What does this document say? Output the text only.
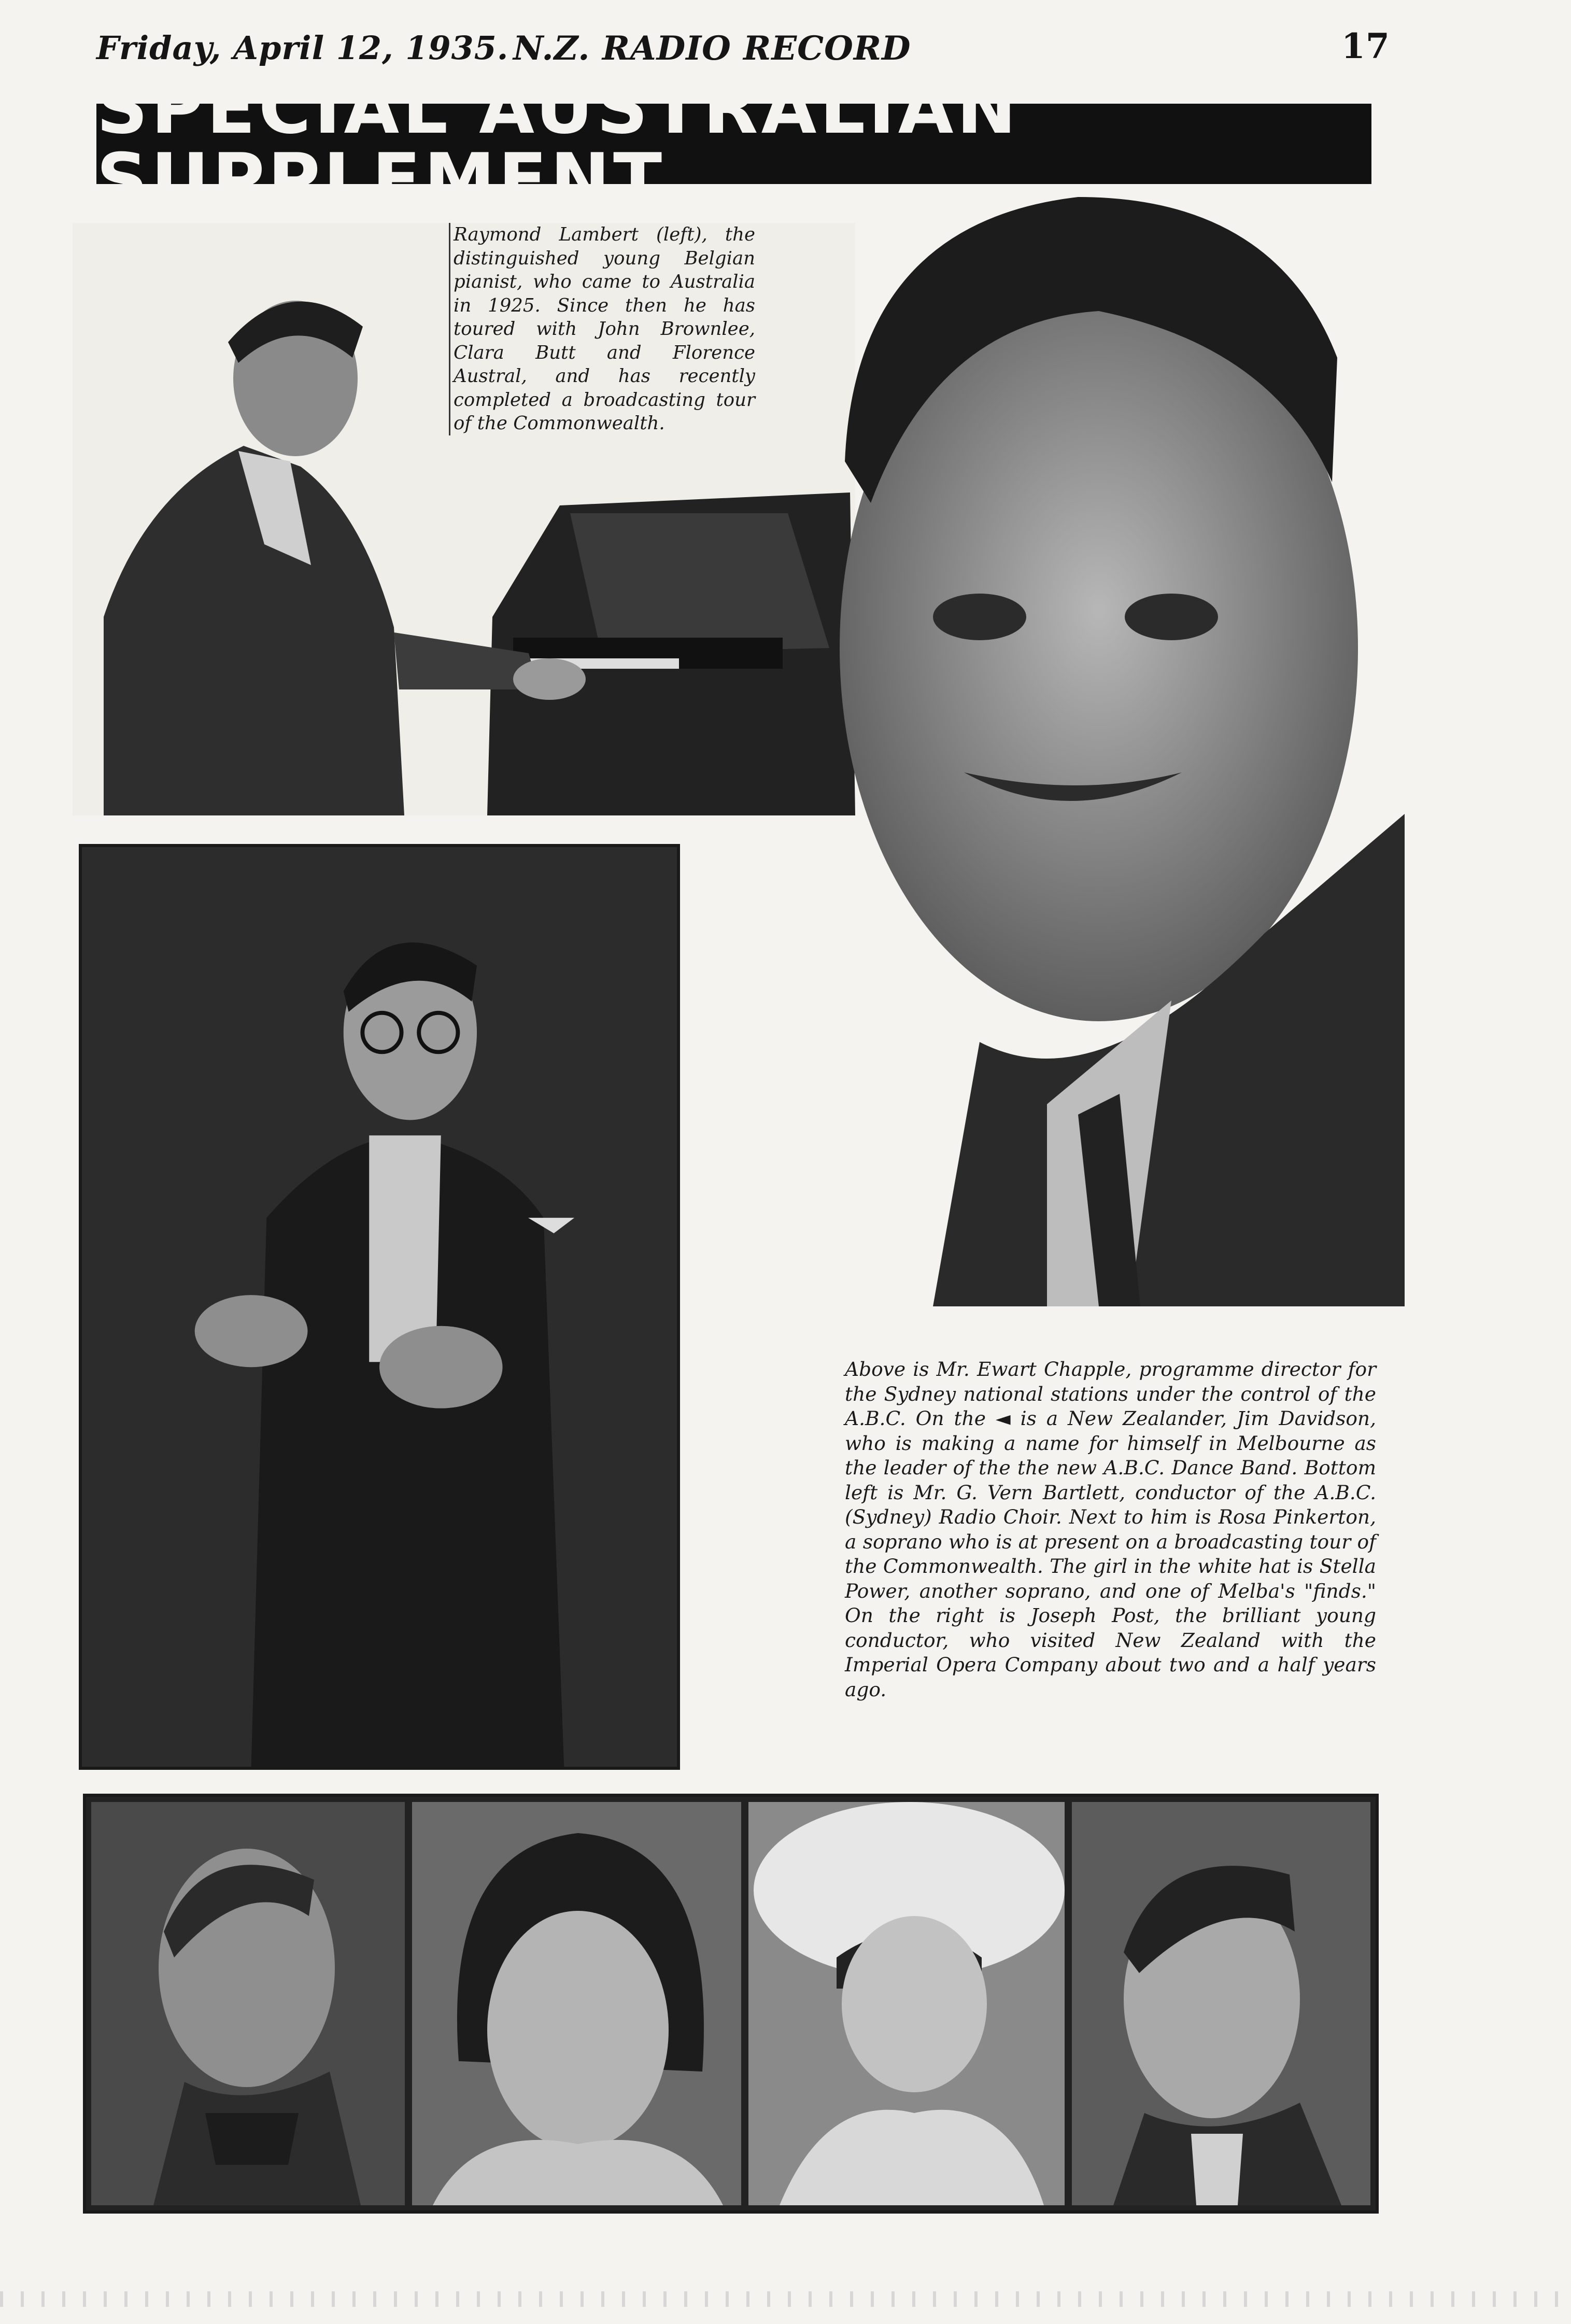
Friday, April 12, 1935. N.Z. RADIO RECORD	17
SPECIAL AUSTRALIAN SUPPLEMENT
Raymond Lambert (left), the distinguished young Belgian pianist, who came to Australia in 1925. Since then he has toured with John Brownlee, Clara Butt and Florence Austral, and has recently completed a broadcasting tour of the Commonwealth.
Above is Mr. Ewart Chapple, programme director for the Sydney national stations under the control of the A.B.C. On the ◄ is a New Zealander, Jim Davidson, who is making a name for himself in Melbourne as the leader of the the new A.B.C. Dance Band. Bottom left is Mr. G. Vern Bartlett, conductor of the A.B.C. (Sydney) Radio Choir. Next to him is Rosa Pinkerton, a soprano who is at present on a broadcasting tour of the Commonwealth. The girl in the white hat is Stella Power, another soprano, and one of Melba's "finds." On the right is Joseph Post, the brilliant young conductor, who visited New Zealand with the Imperial Opera Company about two and a half years ago.
